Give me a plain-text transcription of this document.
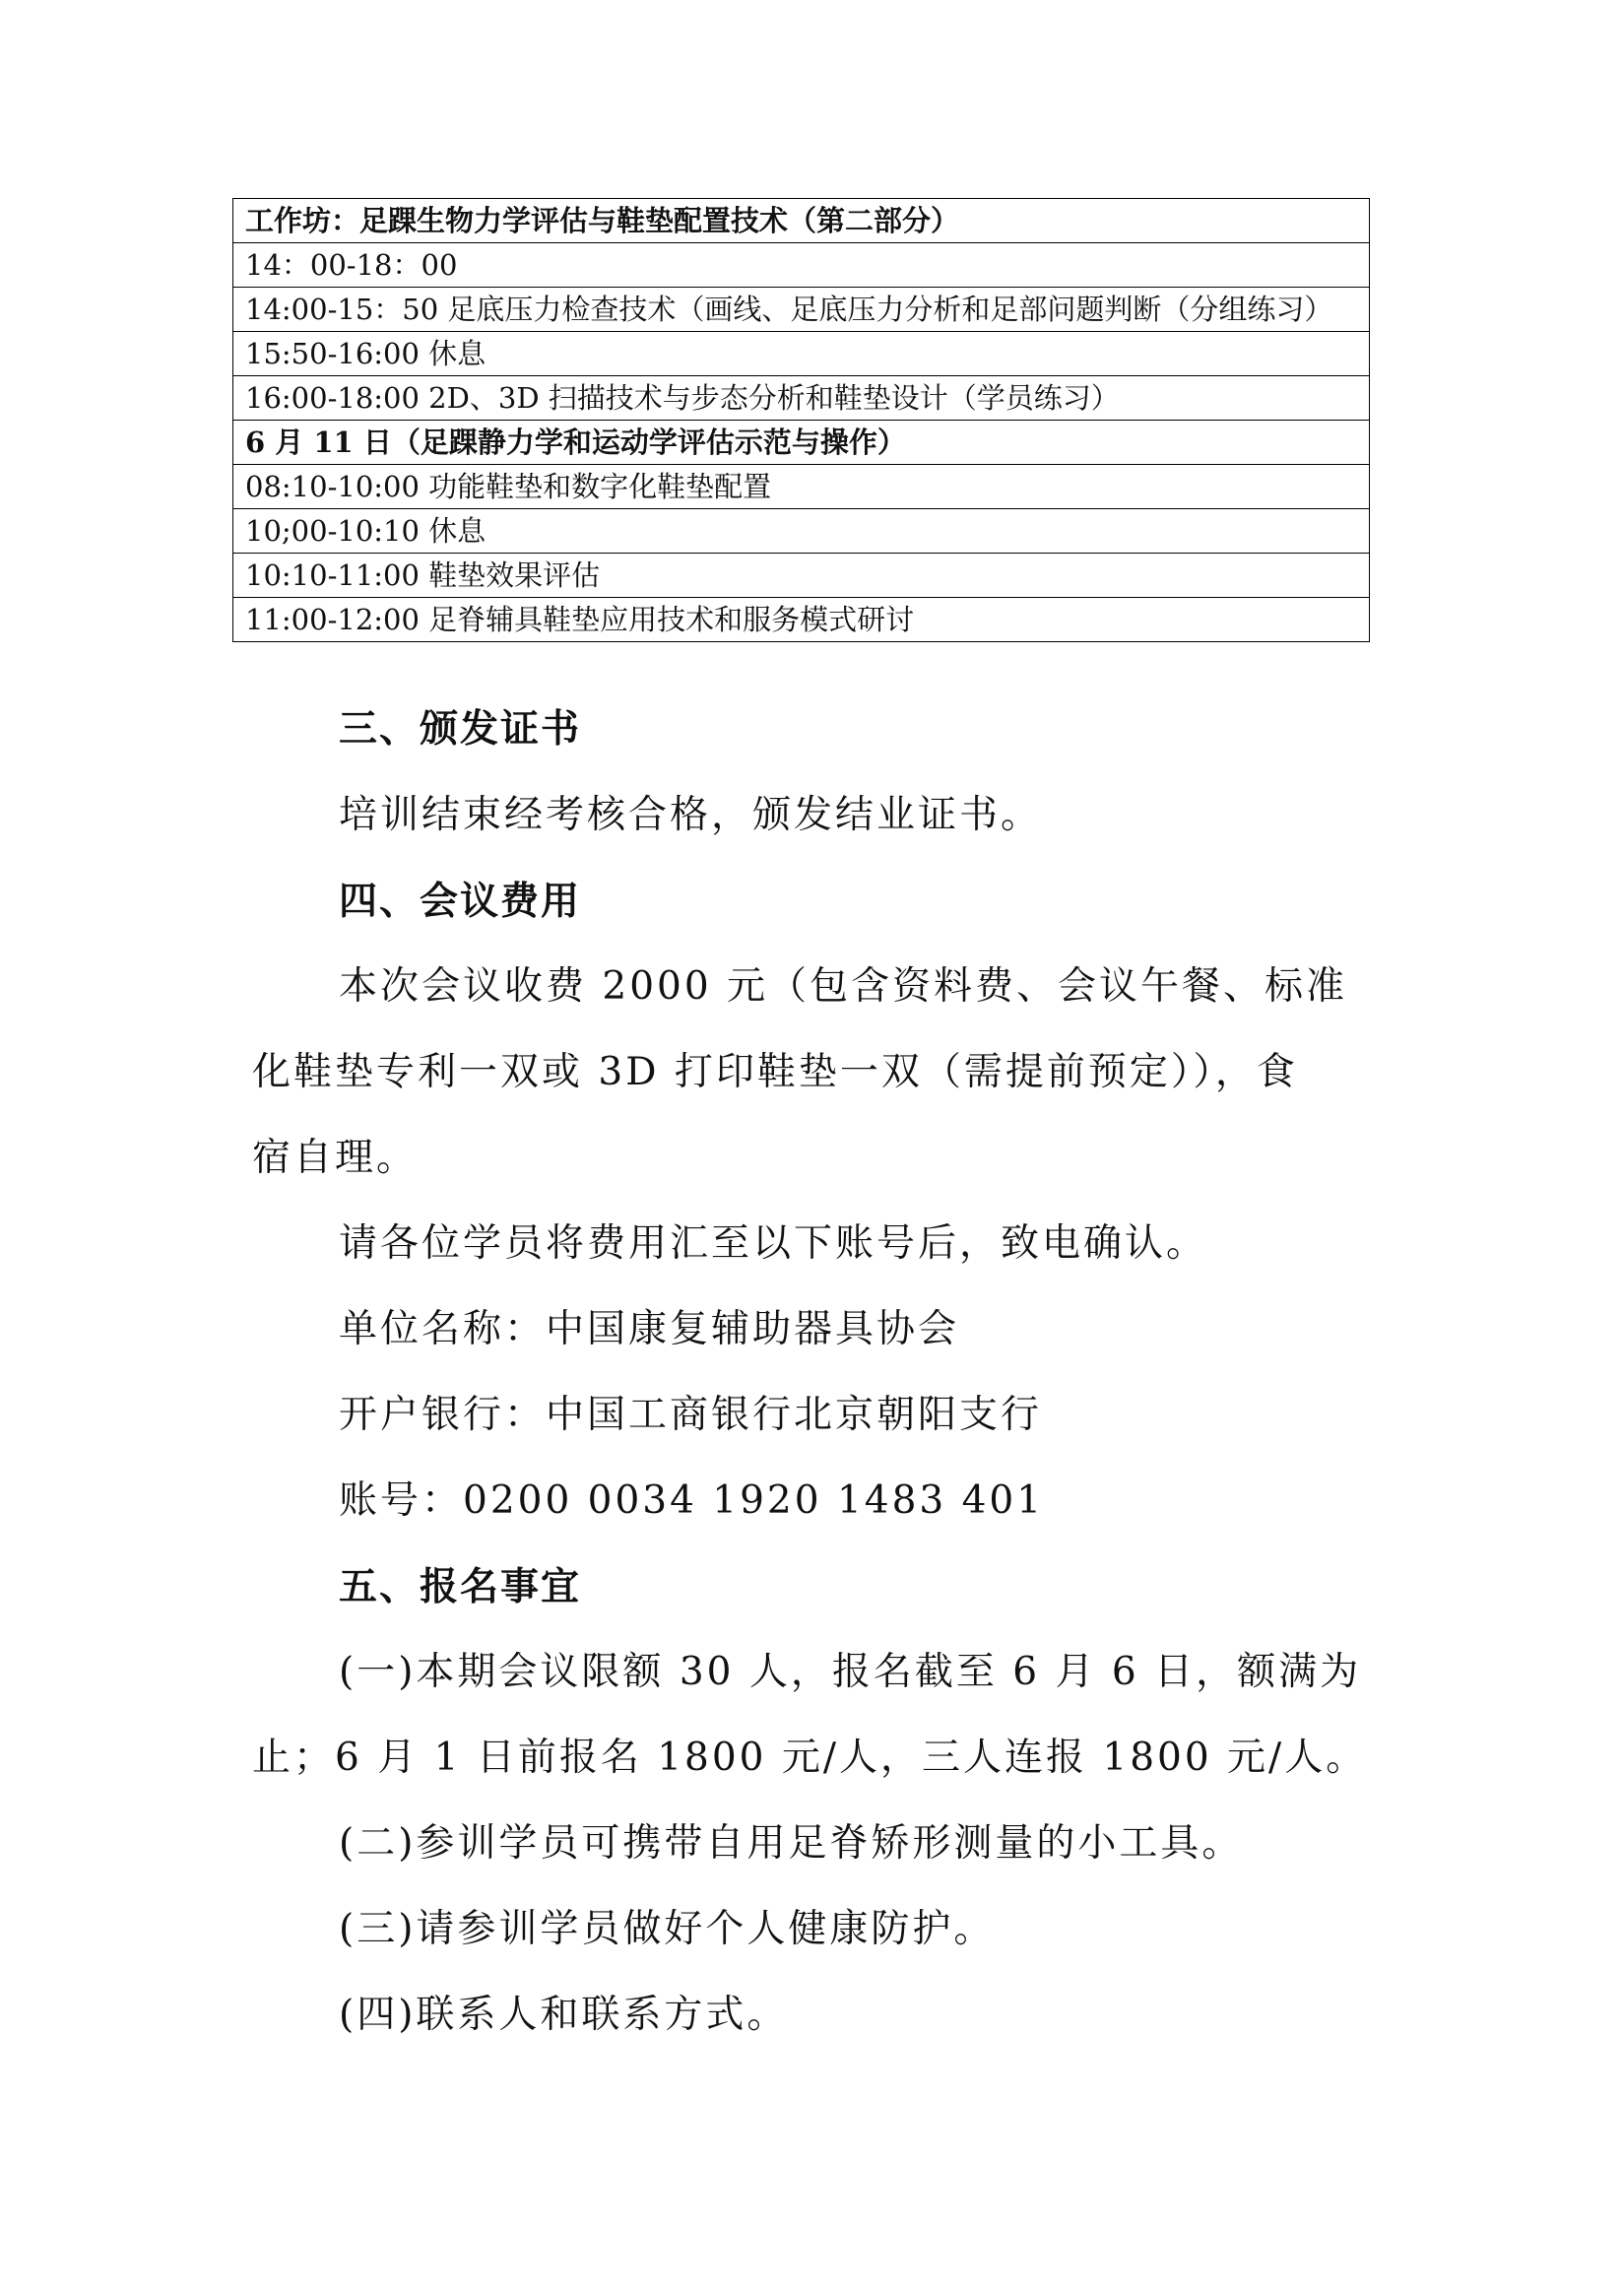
工作坊：足踝生物力学评估与鞋垫配置技术（第二部分）
14：00-18：00
14:00-15：50 足底压力检查技术（画线、足底压力分析和足部问题判断（分组练习）
15:50-16:00 休息
16:00-18:00 2D、3D 扫描技术与步态分析和鞋垫设计（学员练习）
6 月 11 日（足踝静力学和运动学评估示范与操作）
08:10-10:00 功能鞋垫和数字化鞋垫配置
10;00-10:10 休息
10:10-11:00 鞋垫效果评估
11:00-12:00 足脊辅具鞋垫应用技术和服务模式研讨
三、颁发证书
培训结束经考核合格，颁发结业证书。
四、会议费用
本次会议收费 2000 元（包含资料费、会议午餐、标准
化鞋垫专利一双或 3D 打印鞋垫一双（需提前预定）），食
宿自理。
请各位学员将费用汇至以下账号后，致电确认。
单位名称：中国康复辅助器具协会
开户银行：中国工商银行北京朝阳支行
账号：0200 0034 1920 1483 401
五、报名事宜
(一)本期会议限额 30 人，报名截至 6 月 6 日，额满为
止；6 月 1 日前报名 1800 元/人，三人连报 1800 元/人。
(二)参训学员可携带自用足脊矫形测量的小工具。
(三)请参训学员做好个人健康防护。
(四)联系人和联系方式。
